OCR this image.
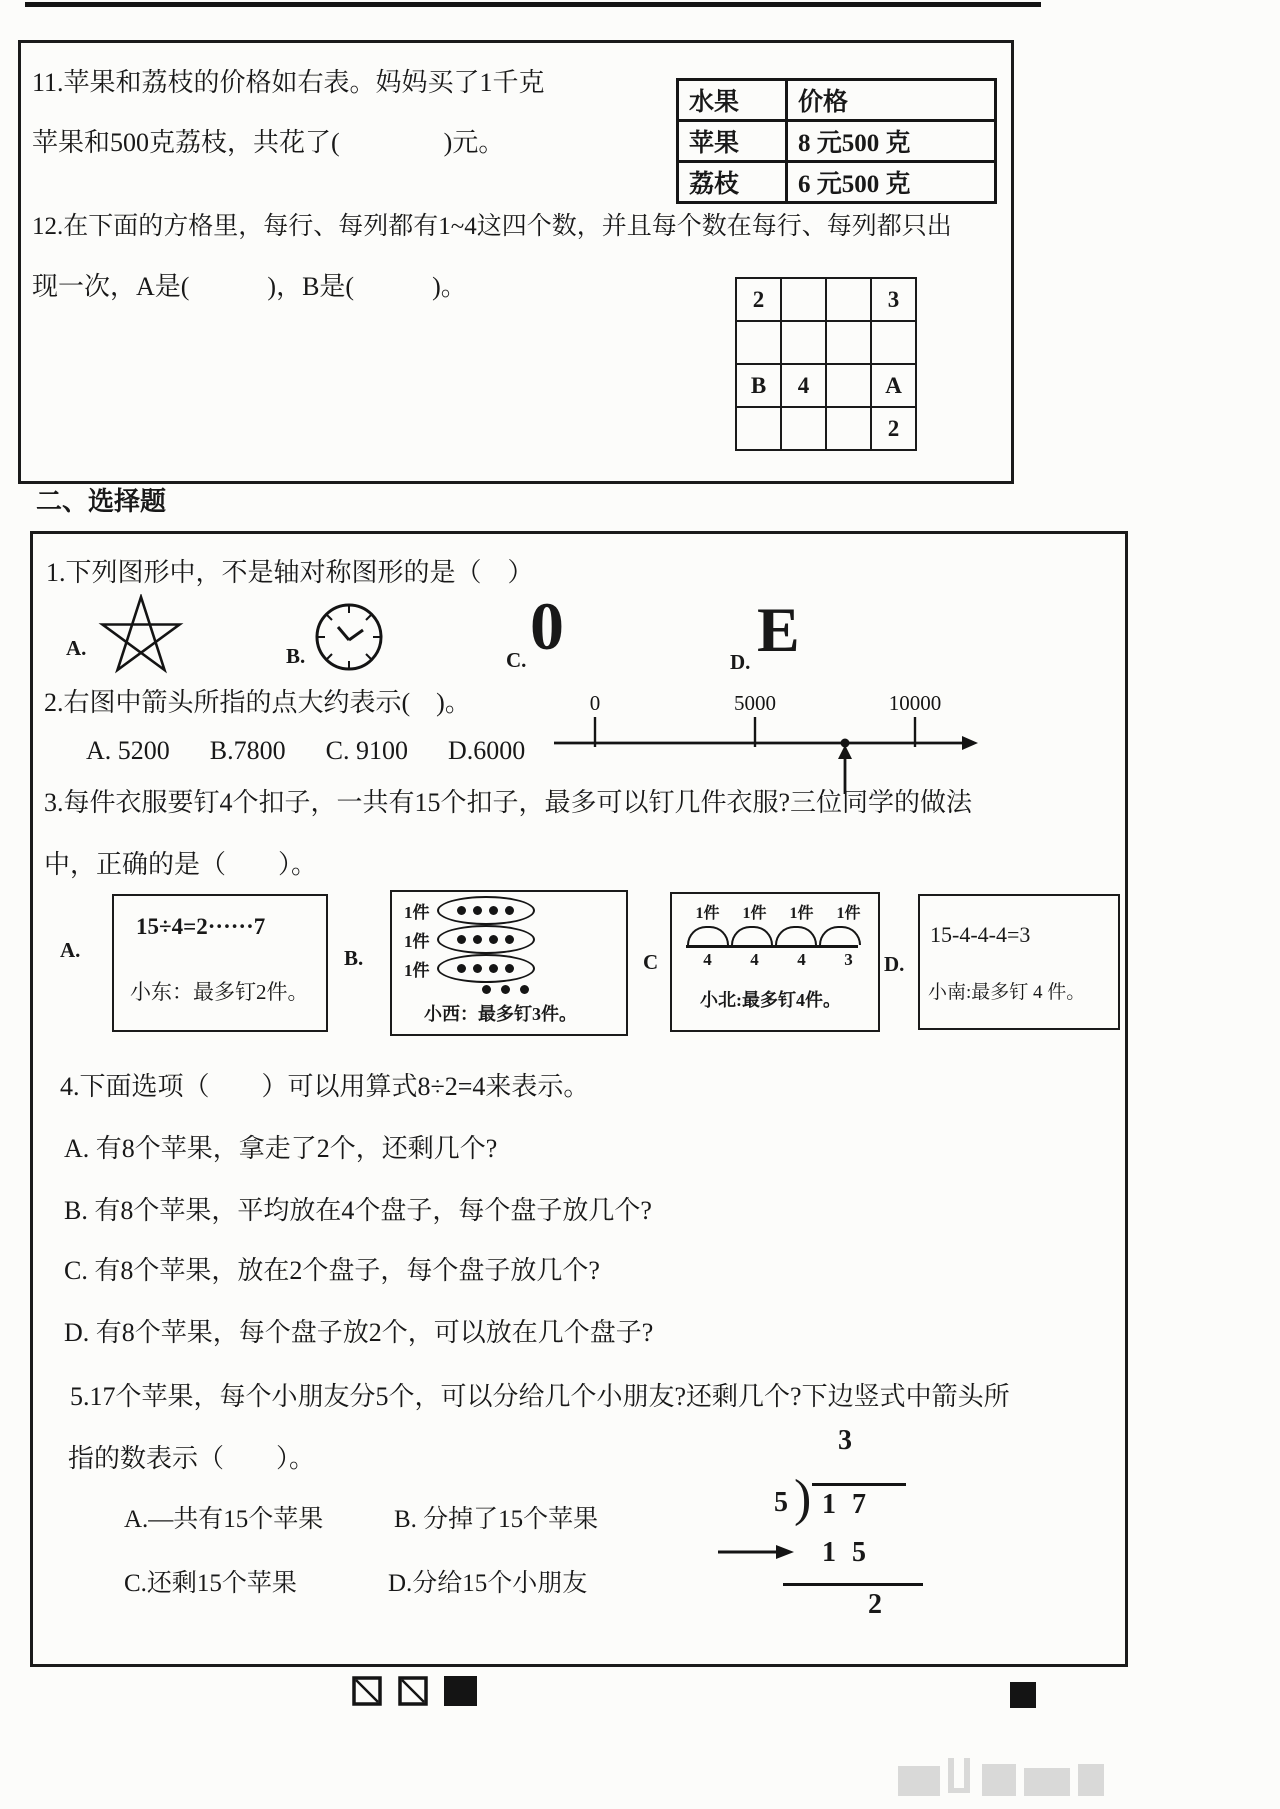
11.苹果和荔枝的价格如右表。妈妈买了1千克
苹果和500克荔枝，共花了(　　　　)元。
水果	价格
苹果	8 元500 克
荔枝	6 元500 克
12.在下面的方格里，每行、每列都有1~4这四个数，并且每个数在每行、每列都只出
现一次，A是(　　　)，B是(　　　)。	2			3

B	4		A
			2
二、选择题
1.下列图形中，不是轴对称图形的是（　）
A.	B.	C. 0	D. E
2.右图中箭头所指的点大约表示(　)。
A. 5200 B.7800 C. 9100 D.6000
0	5000	10000
3.每件衣服要钉4个扣子，一共有15个扣子，最多可以钉几件衣服?三位同学的做法
中，正确的是（　　）。
A.
15÷4=2······7
小东：最多钉2件。
B.
1件
1件
1件
小西：最多钉3件。
C
1件 1件 1件 1件
4 4 4 3
小北:最多钉4件。
D.
15-4-4-4=3
小南:最多钉 4 件。
4.下面选项（　　）可以用算式8÷2=4来表示。
A. 有8个苹果，拿走了2个，还剩几个?
B. 有8个苹果，平均放在4个盘子，每个盘子放几个?
C. 有8个苹果，放在2个盘子，每个盘子放几个?
D. 有8个苹果，每个盘子放2个，可以放在几个盘子?
5.17个苹果，每个小朋友分5个，可以分给几个小朋友?还剩几个?下边竖式中箭头所
指的数表示（　　）。
A.—共有15个苹果	B. 分掉了15个苹果
C.还剩15个苹果	D.分给15个小朋友
3
5 ) 17
15
2
